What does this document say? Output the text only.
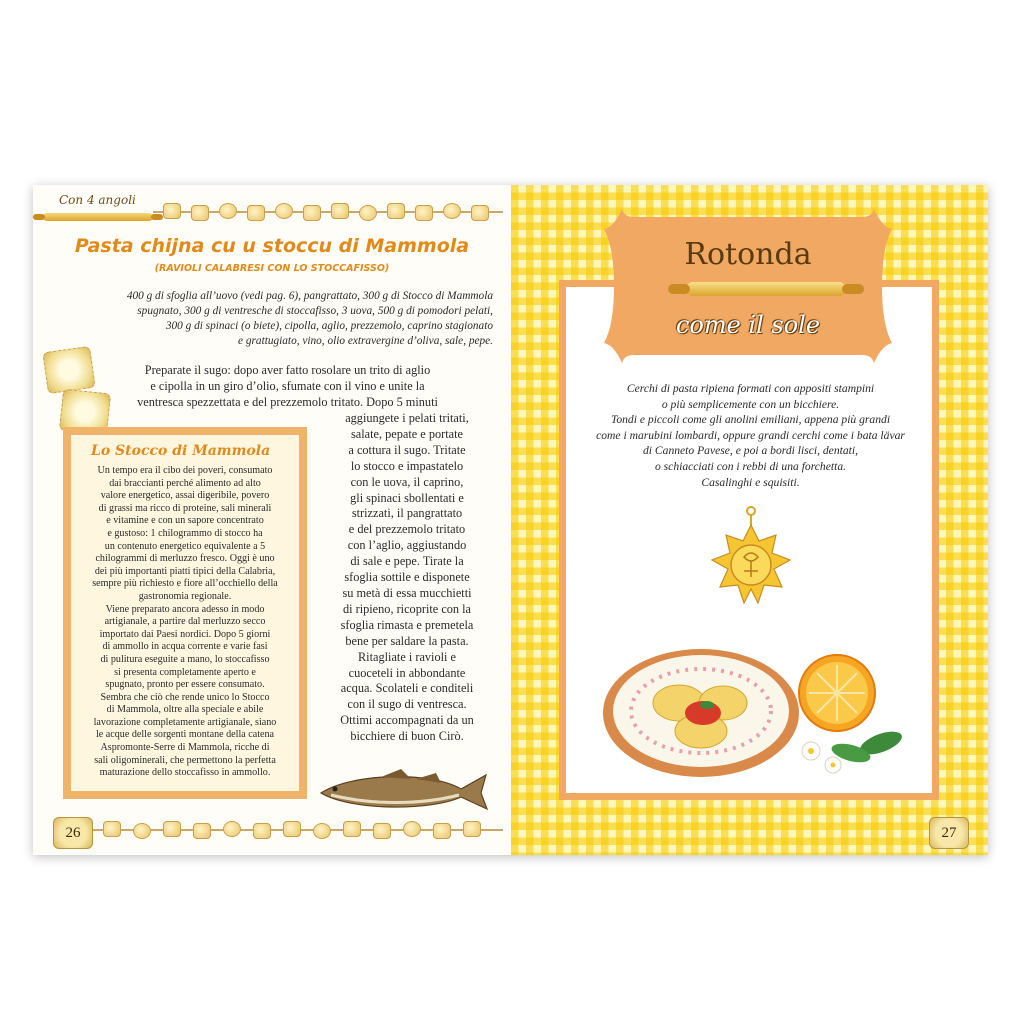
Con 4 angoli
Pasta chijna cu u stoccu di Mammola
(RAVIOLI CALABRESI CON LO STOCCAFISSO)

400 g di sfoglia all’uovo (vedi pag. 6), pangrattato, 300 g di Stocco di Mammola
spugnato, 300 g di ventresche di stoccafisso, 3 uova, 500 g di pomodori pelati,
300 g di spinaci (o biete), cipolla, aglio, prezzemolo, caprino stagionato
e grattugiato, vino, olio extravergine d’oliva, sale, pepe.

Preparate il sugo: dopo aver fatto rosolare un trito di aglio
e cipolla in un giro d’olio, sfumate con il vino e unite la
ventresca spezzettata e del prezzemolo tritato. Dopo 5 minuti

aggiungete i pelati tritati,
salate, pepate e portate
a cottura il sugo. Tritate
lo stocco e impastatelo
con le uova, il caprino,
gli spinaci sbollentati e
strizzati, il pangrattato
e del prezzemolo tritato
con l’aglio, aggiustando
di sale e pepe. Tirate la
sfoglia sottile e disponete
su metà di essa mucchietti
di ripieno, ricoprite con la
sfoglia rimasta e premetela
bene per saldare la pasta.
Ritagliate i ravioli e
cuoceteli in abbondante
acqua. Scolateli e conditeli
con il sugo di ventresca.
Ottimi accompagnati da un
bicchiere di buon Cirò.

Lo Stocco di Mammola

Un tempo era il cibo dei poveri, consumato
dai braccianti perché alimento ad alto
valore energetico, assai digeribile, povero
di grassi ma ricco di proteine, sali minerali
e vitamine e con un sapore concentrato
e gustoso: 1 chilogrammo di stocco ha
un contenuto energetico equivalente a 5
chilogrammi di merluzzo fresco. Oggi è uno
dei più importanti piatti tipici della Calabria,
sempre più richiesto e fiore all’occhiello della
gastronomia regionale.
Viene preparato ancora adesso in modo
artigianale, a partire dal merluzzo secco
importato dai Paesi nordici. Dopo 5 giorni
di ammollo in acqua corrente e varie fasi
di pulitura eseguite a mano, lo stoccafisso
si presenta completamente aperto e
spugnato, pronto per essere consumato.
Sembra che ciò che rende unico lo Stocco
di Mammola, oltre alla speciale e abile
lavorazione completamente artigianale, siano
le acque delle sorgenti montane della catena
Aspromonte-Serre di Mammola, ricche di
sali oligominerali, che permettono la perfetta
maturazione dello stoccafisso in ammollo.

26
Rotonda
come il sole

Cerchi di pasta ripiena formati con appositi stampini
o più semplicemente con un bicchiere.
Tondi e piccoli come gli anolini emiliani, appena più grandi
come i marubini lombardi, oppure grandi cerchi come i bata lävar
di Canneto Pavese, e poi a bordi lisci, dentati,
o schiacciati con i rebbi di una forchetta.
Casalinghi e squisiti.

27
